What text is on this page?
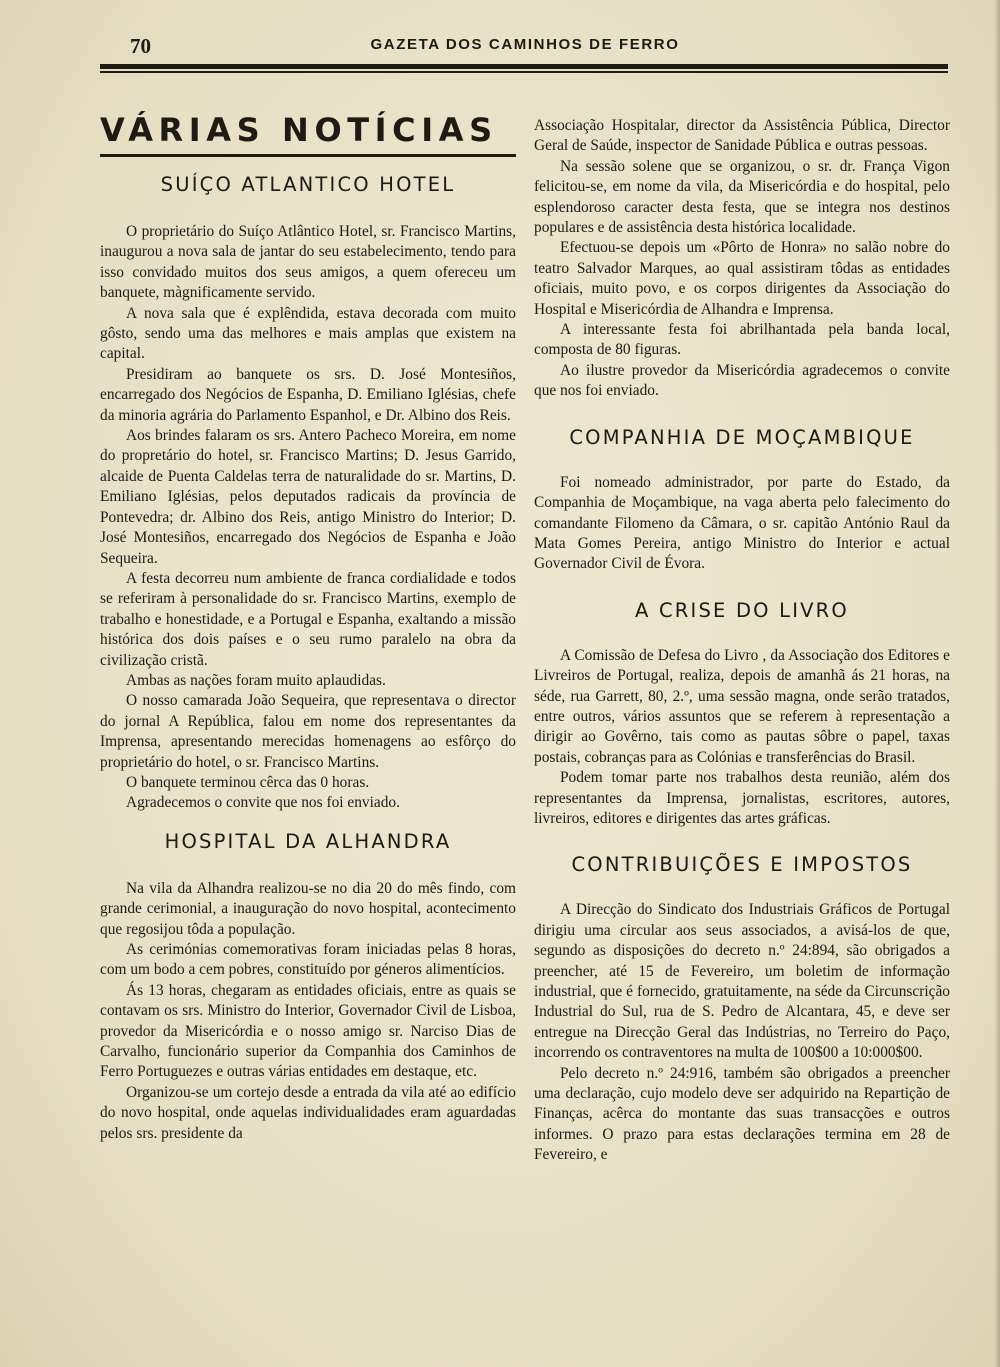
70	GAZETA DOS CAMINHOS DE FERRO
VÁRIAS NOTÍCIAS
SUÍÇO ATLANTICO HOTEL

O proprietário do Suíço Atlântico Hotel, sr. Francisco Martins, inaugurou a nova sala de jantar do seu estabelecimento, tendo para isso convidado muitos dos seus amigos, a quem ofereceu um banquete, màgnificamente servido.

A nova sala que é explêndida, estava decorada com muito gôsto, sendo uma das melhores e mais amplas que existem na capital.

Presidiram ao banquete os srs. D. José Montesiños, encarregado dos Negócios de Espanha, D. Emiliano Iglésias, chefe da minoria agrária do Parlamento Espanhol, e Dr. Albino dos Reis.

Aos brindes falaram os srs. Antero Pacheco Moreira, em nome do propretário do hotel, sr. Francisco Martins; D. Jesus Garrido, alcaide de Puenta Caldelas terra de naturalidade do sr. Martins, D. Emiliano Iglésias, pelos deputados radicais da província de Pontevedra; dr. Albino dos Reis, antigo Ministro do Interior; D. José Montesiños, encarregado dos Negócios de Espanha e João Sequeira.

A festa decorreu num ambiente de franca cordialidade e todos se referiram à personalidade do sr. Francisco Martins, exemplo de trabalho e honestidade, e a Portugal e Espanha, exaltando a missão histórica dos dois países e o seu rumo paralelo na obra da civilização cristã.

Ambas as nações foram muito aplaudidas.

O nosso camarada João Sequeira, que representava o director do jornal A República, falou em nome dos representantes da Imprensa, apresentando merecidas homenagens ao esfôrço do proprietário do hotel, o sr. Francisco Martins.

O banquete terminou cêrca das 0 horas.

Agradecemos o convite que nos foi enviado.

HOSPITAL DA ALHANDRA

Na vila da Alhandra realizou-se no dia 20 do mês findo, com grande cerimonial, a inauguração do novo hospital, acontecimento que regosijou tôda a população.

As cerimónias comemorativas foram iniciadas pelas 8 horas, com um bodo a cem pobres, constituído por géneros alimentícios.

Ás 13 horas, chegaram as entidades oficiais, entre as quais se contavam os srs. Ministro do Interior, Governador Civil de Lisboa, provedor da Misericórdia e o nosso amigo sr. Narciso Dias de Carvalho, funcionário superior da Companhia dos Caminhos de Ferro Portuguezes e outras várias entidades em destaque, etc.

Organizou-se um cortejo desde a entrada da vila até ao edifício do novo hospital, onde aquelas individualidades eram aguardadas pelos srs. presidente da

Associação Hospitalar, director da Assistência Pública, Director Geral de Saúde, inspector de Sanidade Pública e outras pessoas.

Na sessão solene que se organizou, o sr. dr. França Vigon felicitou-se, em nome da vila, da Misericórdia e do hospital, pelo esplendoroso caracter desta festa, que se integra nos destinos populares e de assistência desta histórica localidade.

Efectuou-se depois um «Pôrto de Honra» no salão nobre do teatro Salvador Marques, ao qual assistiram tôdas as entidades oficiais, muito povo, e os corpos dirigentes da Associação do Hospital e Misericórdia de Alhandra e Imprensa.

A interessante festa foi abrilhantada pela banda local, composta de 80 figuras.

Ao ilustre provedor da Misericórdia agradecemos o convite que nos foi enviado.

COMPANHIA DE MOÇAMBIQUE

Foi nomeado administrador, por parte do Estado, da Companhia de Moçambique, na vaga aberta pelo falecimento do comandante Filomeno da Câmara, o sr. capitão António Raul da Mata Gomes Pereira, antigo Ministro do Interior e actual Governador Civil de Évora.

A CRISE DO LIVRO

A Comissão de Defesa do Livro , da Associação dos Editores e Livreiros de Portugal, realiza, depois de amanhã ás 21 horas, na séde, rua Garrett, 80, 2.º, uma sessão magna, onde serão tratados, entre outros, vários assuntos que se referem à representação a dirigir ao Govêrno, tais como as pautas sôbre o papel, taxas postais, cobranças para as Colónias e transferências do Brasil.

Podem tomar parte nos trabalhos desta reunião, além dos representantes da Imprensa, jornalistas, escritores, autores, livreiros, editores e dirigentes das artes gráficas.

CONTRIBUIÇÕES E IMPOSTOS

A Direcção do Sindicato dos Industriais Gráficos de Portugal dirigiu uma circular aos seus associados, a avisá-los de que, segundo as disposições do decreto n.º 24:894, são obrigados a preencher, até 15 de Fevereiro, um boletim de informação industrial, que é fornecido, gratuitamente, na séde da Circunscrição Industrial do Sul, rua de S. Pedro de Alcantara, 45, e deve ser entregue na Direcção Geral das Indústrias, no Terreiro do Paço, incorrendo os contraventores na multa de 100$00 a 10:000$00.

Pelo decreto n.º 24:916, também são obrigados a preencher uma declaração, cujo modelo deve ser adquirido na Repartição de Finanças, acêrca do montante das suas transacções e outros informes. O prazo para estas declarações termina em 28 de Fevereiro, e
